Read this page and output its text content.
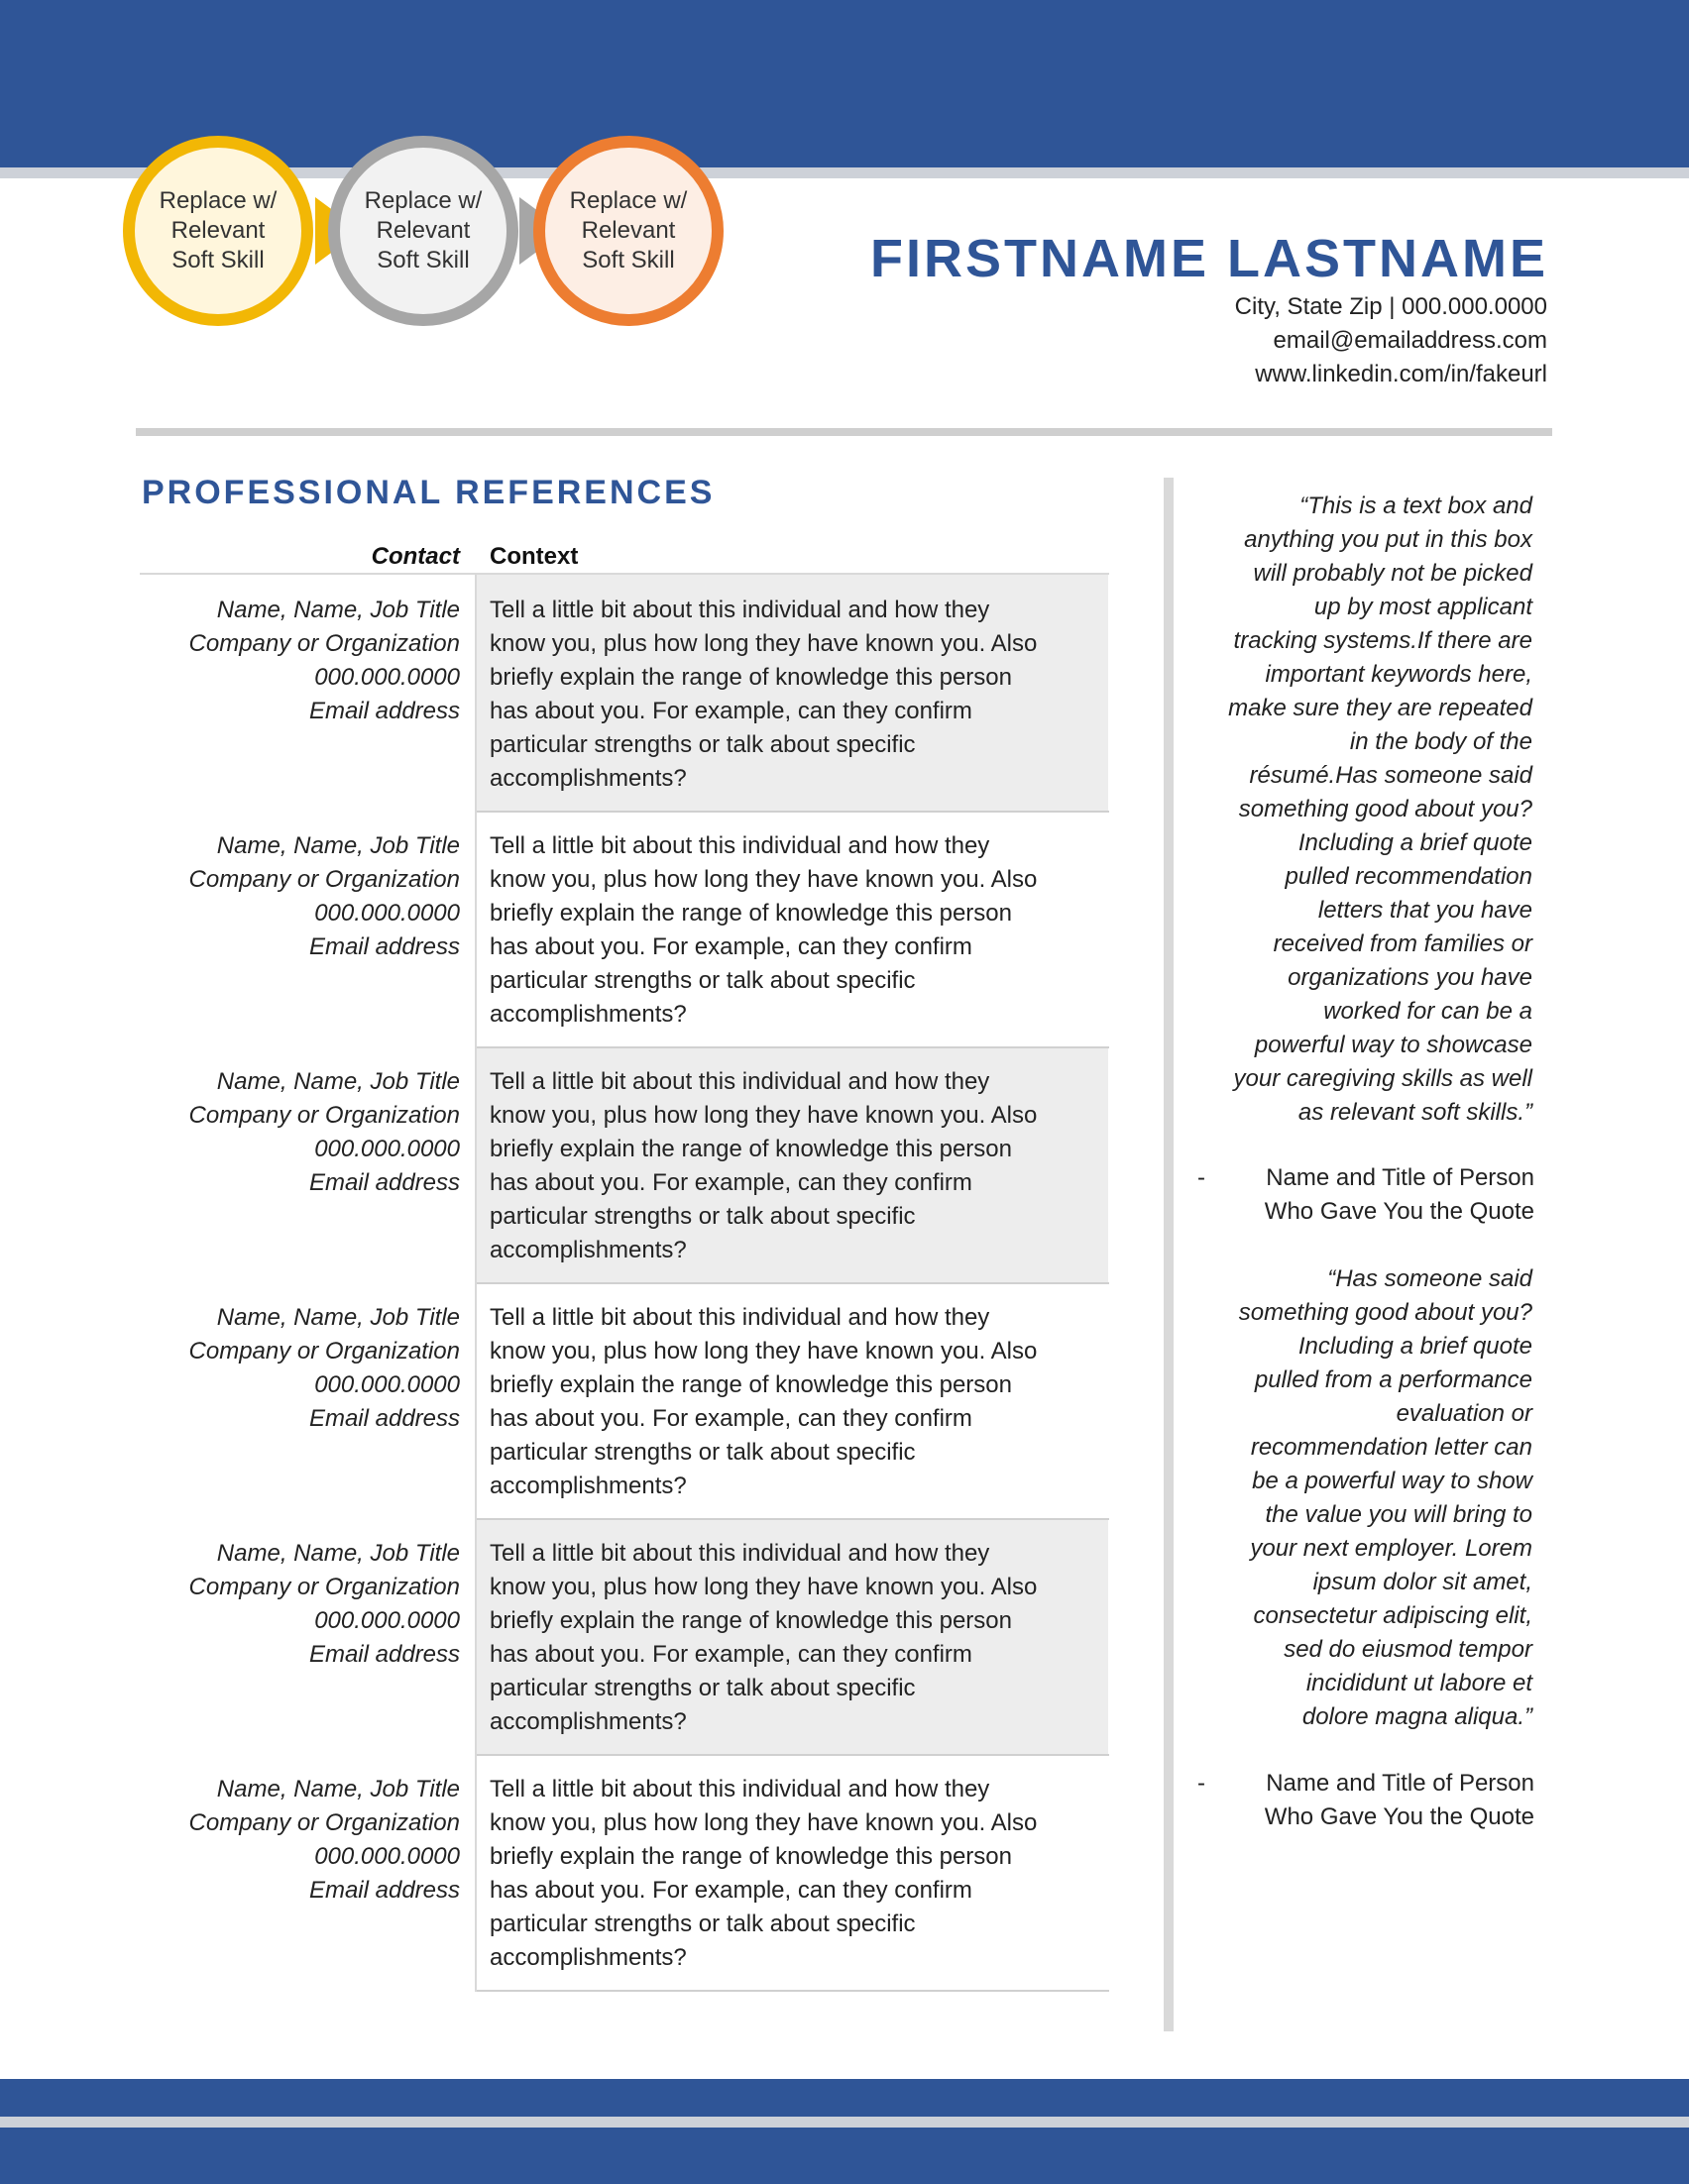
Replace w/
Relevant
Soft Skill
Replace w/
Relevant
Soft Skill
Replace w/
Relevant
Soft Skill	FIRSTNAME LASTNAME
City, State Zip | 000.000.0000
email@emailaddress.com
www.linkedin.com/in/fakeurl
PROFESSIONAL REFERENCES
Contact Context
Name, Name, Job Title
Company or Organization
000.000.0000
Email address

Tell a little bit about this individual and how they

know you, plus how long they have known you. Also

briefly explain the range of knowledge this person

has about you. For example, can they confirm

particular strengths or talk about specific

accomplishments?

Name, Name, Job Title
Company or Organization
000.000.0000
Email address

Tell a little bit about this individual and how they

know you, plus how long they have known you. Also

briefly explain the range of knowledge this person

has about you. For example, can they confirm

particular strengths or talk about specific

accomplishments?

Name, Name, Job Title
Company or Organization
000.000.0000
Email address

Tell a little bit about this individual and how they

know you, plus how long they have known you. Also

briefly explain the range of knowledge this person

has about you. For example, can they confirm

particular strengths or talk about specific

accomplishments?

Name, Name, Job Title
Company or Organization
000.000.0000
Email address

Tell a little bit about this individual and how they

know you, plus how long they have known you. Also

briefly explain the range of knowledge this person

has about you. For example, can they confirm

particular strengths or talk about specific

accomplishments?

Name, Name, Job Title
Company or Organization
000.000.0000
Email address

Tell a little bit about this individual and how they

know you, plus how long they have known you. Also

briefly explain the range of knowledge this person

has about you. For example, can they confirm

particular strengths or talk about specific

accomplishments?

Name, Name, Job Title
Company or Organization
000.000.0000
Email address

Tell a little bit about this individual and how they

know you, plus how long they have known you. Also

briefly explain the range of knowledge this person

has about you. For example, can they confirm

particular strengths or talk about specific

accomplishments?

“This is a text box and
anything you put in this box
will probably not be picked
up by most applicant
tracking systems.If there are
important keywords here,
make sure they are repeated
in the body of the
résumé.Has someone said
something good about you?
Including a brief quote
pulled recommendation
letters that you have
received from families or
organizations you have
worked for can be a
powerful way to showcase
your caregiving skills as well
as relevant soft skills.”
-	Name and Title of Person
Who Gave You the Quote
“Has someone said
something good about you?
Including a brief quote
pulled from a performance
evaluation or
recommendation letter can
be a powerful way to show
the value you will bring to
your next employer. Lorem
ipsum dolor sit amet,
consectetur adipiscing elit,
sed do eiusmod tempor
incididunt ut labore et
dolore magna aliqua.”
-	Name and Title of Person
Who Gave You the Quote
